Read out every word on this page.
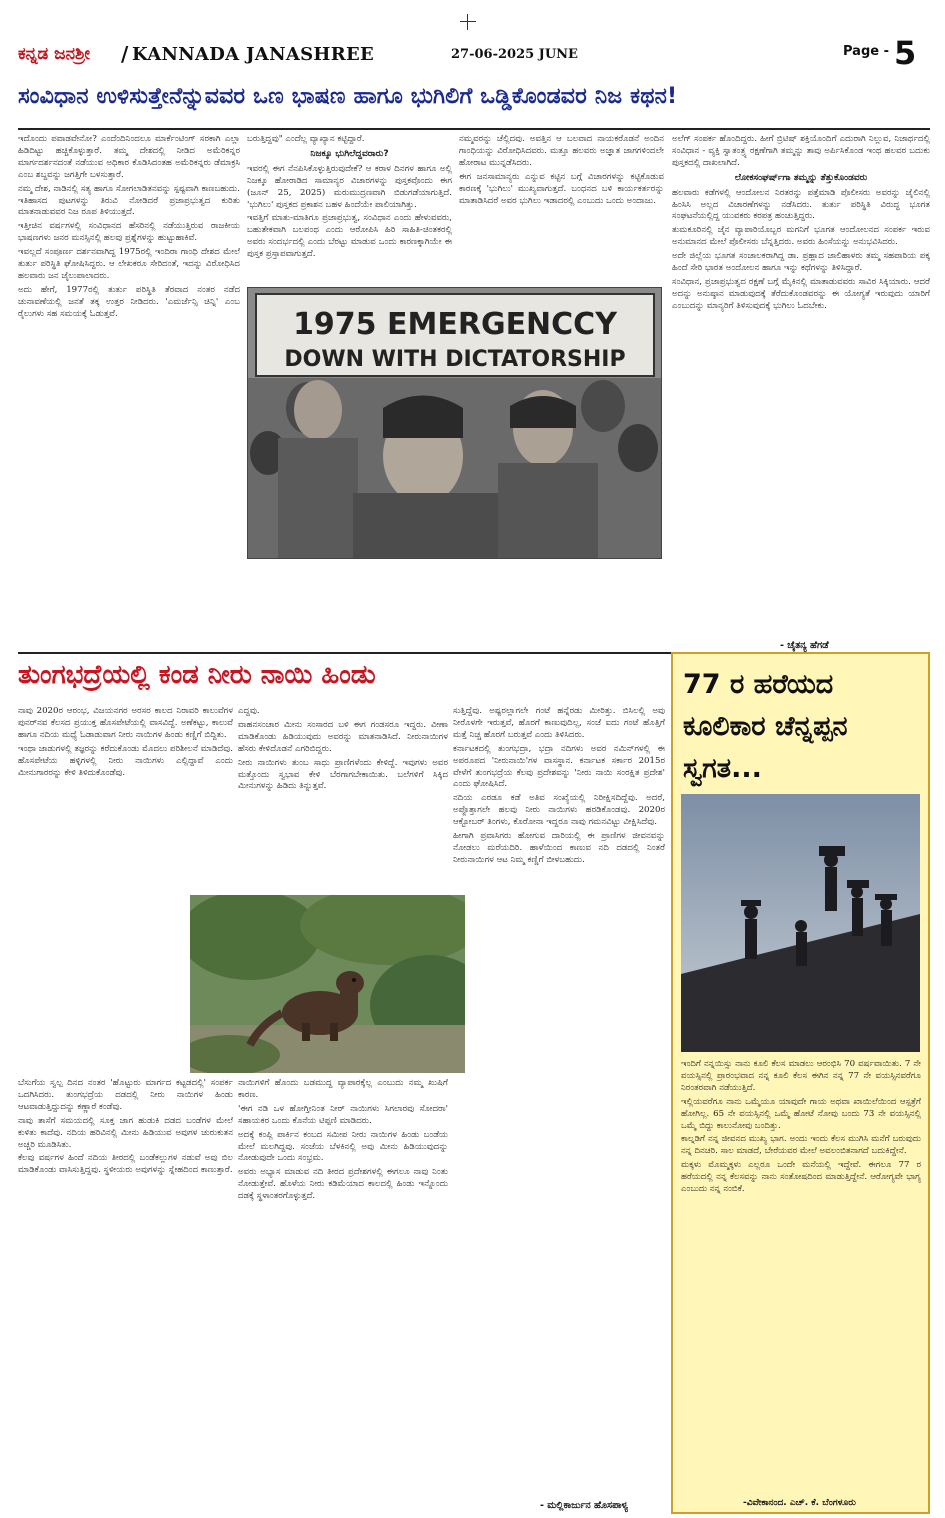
ಕನ್ನಡ ಜನಶ್ರೀ / KANNADA JANASHREE	27-06-2025 JUNE	Page - 5
ಸಂವಿಧಾನ ಉಳಿಸುತ್ತೇನೆನ್ನುವವರ ಒಣ ಭಾಷಣ ಹಾಗೂ ಭುಗಿಲಿಗೆ ಒಡ್ಡಿಕೊಂಡವರ ನಿಜ ಕಥನ!

ಇದೊಂದು ಪವಾಡವೇನೋ? ಎಂದೆಂದಿನಿಂದಲೂ ಮಾರ್ಕೆಂಟಿಂಗ್ ಸರಕಾಗಿ ಎಲ್ಲಾ ಹಿಡಿದಿಟ್ಟು ಹಚ್ಚಿಕೊಳ್ಳುತ್ತಾರೆ. ತಮ್ಮ ದೇಶದಲ್ಲಿ ನೀಡಿದ ಅಮೆರಿಕನ್ನರ ಮಾರ್ಗದರ್ಶನದಂತೆ ನಡೆಯುವ ಅಧಿಕಾರ ಕೊಡಿಸಿದಂತಹ ಅಮೆರಿಕನ್ನರು ಡೆಮಾಕ್ರಸಿ ಎಂಬ ಶಬ್ದವನ್ನು ಜಗತ್ತಿಗೇ ಬಳಸುತ್ತಾರೆ.

ನಮ್ಮ ದೇಶ, ನಾಡಿನಲ್ಲಿ ಸತ್ಯ ಹಾಗೂ ಸೋಗಲಾಡಿತನವನ್ನು ಸ್ಪಷ್ಟವಾಗಿ ಕಾಣಬಹುದು. ಇತಿಹಾಸದ ಪುಟಗಳನ್ನು ತಿರುವಿ ನೋಡಿದರೆ ಪ್ರಜಾಪ್ರಭುತ್ವದ ಕುರಿತು ಮಾತನಾಡುವವರ ನಿಜ ರೂಪ ತಿಳಿಯುತ್ತದೆ.

ಇತ್ತೀಚಿನ ವರ್ಷಗಳಲ್ಲಿ ಸಂವಿಧಾನದ ಹೆಸರಿನಲ್ಲಿ ನಡೆಯುತ್ತಿರುವ ರಾಜಕೀಯ ಭಾಷಣಗಳು ಜನರ ಮನಸ್ಸಿನಲ್ಲಿ ಹಲವು ಪ್ರಶ್ನೆಗಳನ್ನು ಹುಟ್ಟುಹಾಕಿವೆ.

ಇವಲ್ಲದೆ ಸಂಪೂರ್ಣ ದರ್ಶನವಾಗಿದ್ದ 1975ರಲ್ಲಿ ಇಂದಿರಾ ಗಾಂಧಿ ದೇಶದ ಮೇಲೆ ತುರ್ತು ಪರಿಸ್ಥಿತಿ ಘೋಷಿಸಿದ್ದರು. ಆ ಲೇಖಕರೂ ಸೇರಿದಂತೆ, ಇದನ್ನು ವಿರೋಧಿಸಿದ ಹಲವಾರು ಜನ ಜೈಲುಪಾಲಾದರು.

ಅದು ಹೇಗೆ, 1977ರಲ್ಲಿ ತುರ್ತು ಪರಿಸ್ಥಿತಿ ತೆರವಾದ ನಂತರ ನಡೆದ ಚುನಾವಣೆಯಲ್ಲಿ ಜನತೆ ತಕ್ಕ ಉತ್ತರ ನೀಡಿದರು. 'ಎಮರ್ಜೆನ್ಸಿ ಚಿನ್ನಿ' ಎಂಬ ರೈಲುಗಳು ಸಹ ಸಮಯಕ್ಕೆ ಓಡುತ್ತವೆ.

ಬರುತ್ತಿದ್ದವು" ಎಂದೆಲ್ಲ ವ್ಯಾಖ್ಯಾನ ಕಟ್ಟಿದ್ದಾರೆ.

ನಿಜಕ್ಕೂ ಭುಗಿಲೆದ್ದವರಾರು?

ಇವರಲ್ಲಿ ಈಗ ನೆನಪಿಸಿಕೊಳ್ಳುತ್ತಿರುವುದೇಕೆ? ಆ ಕರಾಳ ದಿನಗಳ ಹಾಗೂ ಅಲ್ಲಿ ನಿಜಕ್ಕೂ ಹೋರಾಡಿದ ಸಾಮಾನ್ಯರ ವಿಚಾರಗಳನ್ನು ಪುಸ್ತಕವೊಂದು ಈಗ (ಜೂನ್ 25, 2025) ಮರುಮುದ್ರಣವಾಗಿ ಬಿಡುಗಡೆಯಾಗುತ್ತಿದೆ. 'ಭುಗಿಲು' ಪುಸ್ತಕದ ಪ್ರಕಾಶನ ಬಹಳ ಹಿಂದೆಯೇ ಪಾಲಿಯಾಗಿತ್ತು.

ಇವತ್ತಿಗೆ ಮಾತು-ಮಾತಿಗೂ ಪ್ರಜಾಪ್ರಭುತ್ವ, ಸಂವಿಧಾನ ಎಂದು ಹೇಳುವವರು, ಬಹುತೇಕವಾಗಿ ಬಲಪಂಥ ಎಂದು ಆರೋಪಿಸಿ ಹಿರಿ ಸಾಹಿತಿ-ಚಿಂತಕರಲ್ಲಿ ಅವರು ಸಂದರ್ಭದಲ್ಲಿ ಎಂದು ಬೆರಟ್ಟು ಮಾಡುವ ಒಂದು ಕಾರಣಕ್ಕಾಗಿಯೇ ಈ ಪುಸ್ತಕ ಪ್ರಸ್ತಾಪವಾಗುತ್ತದೆ.

ನಮ್ಮವರನ್ನು ಚೆಲ್ಲಿದವು. ಅವತ್ತಿನ ಆ ಬಲವಾದ ನಾಯಕರೊಡನೆ ಅಂದಿನ ಗಾಂಧಿಯನ್ನು ವಿರೋಧಿಸಿದವರು. ಮತ್ತೂ ಹಲವರು ಅಜ್ಞಾತ ಜಾಗಗಳಿಂದಲೇ ಹೋರಾಟ ಮುನ್ನಡೆಸಿದರು.

ಈಗ ಜನಸಾಮಾನ್ಯರು ಎನ್ನುವ ಕಟ್ಟಿನ ಬಗ್ಗೆ ವಿಚಾರಗಳನ್ನು ಕಟ್ಟಿಕೊಡುವ ಕಾರಣಕ್ಕೆ 'ಭುಗಿಲು' ಮುಖ್ಯವಾಗುತ್ತದೆ. ಬಂಧನದ ಬಳಿ ಕಾರ್ಯಕರ್ತರನ್ನು ಮಾತಾಡಿಸಿದರೆ ಅವರ ಭುಗಿಲು ಇಡಾದರಲ್ಲಿ ಎಂಬುದು ಒಂದು ಅಂದಾಜು.

ಅಲೆಗ್ ಸಂಪರ್ಕ ಹೊಂದಿದ್ದರು. ಹೀಗೆ ಬ್ರಿಟಿಷ್ ಶಕ್ತಿಯೊಂದಿಗೆ ಎದುರಾಗಿ ನಿಲ್ಲುವ, ನಿಜಾರ್ಥದಲ್ಲಿ ಸಂವಿಧಾನ - ವ್ಯಕ್ತಿ ಸ್ವಾತಂತ್ರ್ಯ ರಕ್ಷಣೆಗಾಗಿ ತಮ್ಮನ್ನು ತಾವು ಅರ್ಪಿಸಿಕೊಂಡ ಇಂಥ ಹಲವರ ಬದುಕು ಪುಸ್ತಕದಲ್ಲಿ ದಾಖಲಾಗಿದೆ.

ಲೋಕಸಂಘರ್ಷ್‌ಗಾ ತಮ್ಮನ್ನು ತೆತ್ತುಕೊಂಡವರು

ಹಲವಾರು ಕಡೆಗಳಲ್ಲಿ ಆಂದೋಲನ ನಿರತರನ್ನು ಪತ್ತೆಮಾಡಿ ಪೊಲೀಸರು ಅವರನ್ನು ಜೈಲಿನಲ್ಲಿ ಹಿಂಸಿಸಿ ಅಲ್ಲದ ವಿಚಾರಣೆಗಳನ್ನು ನಡೆಸಿದರು. ತುರ್ತು ಪರಿಸ್ಥಿತಿ ವಿರುದ್ಧ ಭೂಗತ ಸಂಘಟನೆಯಲ್ಲಿದ್ದ ಯುವಕರು ಕರಪತ್ರ ಹಂಚುತ್ತಿದ್ದರು.

ತುಮಕೂರಿನಲ್ಲಿ ಜೈನ ವ್ಯಾಪಾರಿಯೊಬ್ಬರ ಮಗನಿಗೆ ಭೂಗತ ಆಂದೋಲನದ ಸಂಪರ್ಕ ಇರುವ ಅನುಮಾನದ ಮೇಲೆ ಪೊಲೀಸರು ಬೆನ್ನತ್ತಿದರು. ಅವರು ಹಿಂಸೆಯನ್ನು ಅನುಭವಿಸಿದರು.

ಅದೇ ಜಿಲ್ಲೆಯ ಭೂಗತ ಸಂಚಾಲಕರಾಗಿದ್ದ ಡಾ. ಪ್ರಹ್ಲಾದ ಜಾಲಿಹಾಳರು ತಮ್ಮ ಸಹಪಾಠಿಯ ಪಕ್ಕ ಹಿಂದೆ ಸೇರಿ ಭಾರತ ಅಂದೋಲನ ಹಾಗೂ ಇನ್ನು ಕಥೆಗಳನ್ನು ತಿಳಿಸಿದ್ದಾರೆ.

ಸಂವಿಧಾನ, ಪ್ರಜಾಪ್ರಭುತ್ವದ ರಕ್ಷಣೆ ಬಗ್ಗೆ ಮೈಕಿನಲ್ಲಿ ಮಾತಾಡುವವರು ಸಾವಿರ ಸಿಕ್ಕಿಯಾರು. ಆದರೆ ಅದನ್ನು ಅನುಷ್ಠಾನ ಮಾಡುವುದಕ್ಕೆ ತೆರೆದುಕೊಂಡವರನ್ನು ಈ ಯೋಗ್ಯತೆ ಇರುವುದು ಯಾರಿಗೆ ಎಂಬುದನ್ನು ಮಾನ್ಯರಿಗೆ ತಿಳಿಸುವುದಕ್ಕೆ ಭುಗಿಲು ಓದಬೇಕು.

1975 EMERGENCCY
DOWN WITH DICTATORSHIP
- ಚೈತನ್ಯ ಹೆಗಡೆ
ತುಂಗಭದ್ರೆಯಲ್ಲಿ ಕಂಡ ನೀರು ನಾಯಿ ಹಿಂಡು

ನಾವು 2020ರ ಆರಂಭ, ವಿಜಯನಗರ ಅರಸರ ಕಾಲದ ನಿರಾವರಿ ಕಾಲುವೆಗಳ ಪುನರ್‌ನವ ಕೆಲಸದ ಪ್ರಯುಕ್ತ ಹೊಸಪೇಟೆಯಲ್ಲಿ ವಾಸವಿದ್ದೆ. ಅಣೆಕಟ್ಟು, ಕಾಲುವೆ ಹಾಗೂ ನದಿಯ ಮಧ್ಯೆ ಓಡಾಡುವಾಗ ನೀರು ನಾಯಿಗಳ ಹಿಂಡು ಕಣ್ಣಿಗೆ ಬಿದ್ದಿತು.

ಇಂಥಾ ಜಾಡುಗಳಲ್ಲಿ ತಜ್ಞರನ್ನು ಕರೆದುಕೊಂಡು ಮೊದಲು ಪರಿಶೀಲನೆ ಮಾಡಿದೆವು. ಹೊಸಪೇಟೆಯ ಹಳ್ಳಿಗಳಲ್ಲಿ ನೀರು ನಾಯಿಗಳು ಎಲ್ಲಿದ್ದಾವೆ ಎಂದು ಮೀನುಗಾರರನ್ನು ಕೇಳಿ ತಿಳಿದುಕೊಂಡೆವು.

ಎದ್ದವು.

ವಾಹನಸಂಚಾರ ಮೀನು ಸಂಸಾರದ ಬಳಿ ಈಗ ಗಂಡಸರೂ ಇದ್ದರು. ವೀಣಾ ಮಾಡಿಕೊಂಡು ಹಿಡಿಯುವುದು ಅವರನ್ನು ಮಾತನಾಡಿಸಿದೆ. ನೀರುನಾಯಿಗಳ ಹೆಸರು ಕೇಳಿದೊಡನೆ ಎಗರಿಬಿದ್ದರು.

ನೀರು ನಾಯಿಗಳು ತುಂಬ ಸಾಧು ಪ್ರಾಣಿಗಳೆಂದು ಕೇಳಿದ್ದೆ. ಇವುಗಳು ಅವರ ಮತ್ತೊಂದು ಸ್ವಭಾವ ಕೇಳಿ ಬೆರಗಾಗಬೇಕಾಯಿತು. ಬಲೆಗಳಿಗೆ ಸಿಕ್ಕಿದ ಮೀನುಗಳನ್ನು ಹಿಡಿದು ತಿನ್ನುತ್ತವೆ.

ಸುತ್ತಿದ್ದೆವು. ಅಷ್ಟರಲ್ಲಾಗಲೇ ಗಂಟೆ ಹನ್ನೆರಡು ಮೀರಿತ್ತು. ಬಿಸಿಲಲ್ಲಿ ಅವು ನೀರೊಳಗೇ ಇರುತ್ತವೆ, ಹೊರಗೆ ಕಾಣುವುದಿಲ್ಲ, ಸಂಜೆ ಐದು ಗಂಟೆ ಹೊತ್ತಿಗೆ ಮತ್ತೆ ನಿಚ್ಚ ಹೊರಗೆ ಬರುತ್ತವೆ ಎಂದು ತಿಳಿಸಿದರು.

ಕರ್ನಾಟಕದಲ್ಲಿ ತುಂಗಭದ್ರಾ, ಭದ್ರಾ ನದಿಗಳು ಅವರ ನಮಿನ್‌ಗಳಲ್ಲಿ ಈ ಅಪರೂಪದ 'ನೀರುನಾಯಿ'ಗಳ ವಾಸಸ್ಥಾನ. ಕರ್ನಾಟಕ ಸರ್ಕಾರ 2015ರ ವೇಳೆಗೆ ತುಂಗಭದ್ರೆಯ ಕೆಲವು ಪ್ರದೇಶವನ್ನು 'ನೀರು ನಾಯಿ ಸಂರಕ್ಷಿತ ಪ್ರದೇಶ' ಎಂದು ಘೋಷಿಸಿದೆ.

ನದಿಯ ಎರಡೂ ಕಡೆ ಅತಿವ ಸಂಖ್ಯೆಯಲ್ಲಿ ನಿರೀಕ್ಷಿಸದಿದ್ದೆವು. ಅದರೆ, ಅಪ್ಪೊತ್ತಾಗಲೇ ಹಲವು ನೀರು ನಾಯಿಗಳು ಹರಡಿಕೊಂಡವು. 2020ರ ಆಕ್ಟೋಬರ್ ತಿಂಗಳು, ಕೊರೋನಾ ಇದ್ದರೂ ನಾವು ಗಮನವಿಟ್ಟು ವೀಕ್ಷಿಸಿದೆವು.

ಹೀಗಾಗಿ ಪ್ರವಾಸಿಗರು ಹೋಗುವ ದಾರಿಯಲ್ಲಿ ಈ ಪ್ರಾಣಿಗಳ ಜೀವನವನ್ನು ನೋಡಲು ಮರೆಯದಿರಿ. ಹಾಳೆಯಿಂದ ಕಾಣುವ ನದಿ ದಡದಲ್ಲಿ ನಿಂತರೆ ನೀರುನಾಯಿಗಳ ಆಟ ನಿಮ್ಮ ಕಣ್ಣಿಗೆ ಬೀಳಬಹುದು.

ಬೆಸುಗೆಯ ಸ್ವಲ್ಪ ದಿನದ ನಂತರ 'ಹೊಟ್ಟುರು ಮಾರ್ಗದ ಕಟ್ಟಡದಲ್ಲಿ' ಸಂಪರ್ಕ ಒದಗಿಸಿದರು. ತುಂಗಭದ್ರೆಯ ದಡದಲ್ಲಿ ನೀರು ನಾಯಿಗಳ ಹಿಂಡು ಆಟವಾಡುತ್ತಿದ್ದುದನ್ನು ಕಣ್ಣಾರೆ ಕಂಡೆವು.

ನಾವು ತಾಸೆಗೆ ಸಮಯದಲ್ಲಿ ಸೂಕ್ತ ಜಾಗ ಹುಡುಕಿ ದಡದ ಬಂಡೆಗಳ ಮೇಲೆ ಕುಳಿತು ಕಾದೆವು. ನದಿಯ ಹರಿವಿನಲ್ಲಿ ಮೀನು ಹಿಡಿಯುವ ಅವುಗಳ ಚುರುಕುತನ ಅಚ್ಚರಿ ಮೂಡಿಸಿತು.

ಕೆಲವು ವರ್ಷಗಳ ಹಿಂದೆ ನದಿಯ ತೀರದಲ್ಲಿ ಬಂಡೆಕಲ್ಲುಗಳ ನಡುವೆ ಅವು ಬಿಲ ಮಾಡಿಕೊಂಡು ವಾಸಿಸುತ್ತಿದ್ದವು. ಸ್ಥಳೀಯರು ಅವುಗಳನ್ನು ಸ್ನೇಹದಿಂದ ಕಾಣುತ್ತಾರೆ.

ನಾಯಿಗಳಿಗೆ ಹೊಂದು ಬಡಮುದ್ದ ವ್ಯಾಪಾರಕ್ಕೆಲ್ಲ ಎಂಬುದು ನಮ್ಮ ಖುಷಿಗೆ ಕಾರಣ.

'ಈಗ ನಡಿ ಒಳ ಹೋಗ್ತೀನಿಂತ ನೀರ್ ನಾಯಿಗಳು ಸಿಗಲಾರವು ಸೋದರಾ' ಸಹಾಯಕರ ಒಂದು ಕೊನೆಯ ಟಿಪ್ಪಣಿ ಮಾಡಿದರು.

ಅದಕ್ಕೆ ಕಂಪ್ಲಿ ಪಾರ್ಕಿನ ಕಂಬದ ಸಮೀಪ ನೀರು ನಾಯಿಗಳ ಹಿಂಡು ಬಂಡೆಯ ಮೇಲೆ ಮಲಗಿದ್ದವು. ಸಂಜೆಯ ಬೆಳಕಿನಲ್ಲಿ ಅವು ಮೀನು ಹಿಡಿಯುವುದನ್ನು ನೋಡುವುದೇ ಒಂದು ಸಂಭ್ರಮ.

ಅವರು ಅಭ್ಯಾಸ ಮಾಡುವ ನದಿ ತೀರದ ಪ್ರದೇಶಗಳಲ್ಲಿ ಈಗಲೂ ನಾವು ನಿಂತು ನೋಡುತ್ತೇವೆ. ಹೊಳೆಯ ನೀರು ಕಡಿಮೆಯಾದ ಕಾಲದಲ್ಲಿ ಹಿಂಡು ಇನ್ನೊಂದು ದಡಕ್ಕೆ ಸ್ಥಳಾಂತರಗೊಳ್ಳುತ್ತದೆ.

- ಮಲ್ಲಿಕಾರ್ಜುನ ಹೊಸಪಾಳ್ಯ
77 ರ ಹರೆಯದ ಕೂಲಿಕಾರ ಚೆನ್ನಪ್ಪನ ಸ್ವಗತ...

ಇಂದಿಗೆ ನನ್ನಯಿಸ್ಸು ನಾನು ಕೂಲಿ ಕೆಲಸ ಮಾಡಲು ಆರಂಭಿಸಿ 70 ವರ್ಷವಾಯಿತು. 7 ನೇ ವಯಸ್ಸಿನಲ್ಲಿ ಪ್ರಾರಂಭವಾದ ನನ್ನ ಕೂಲಿ ಕೆಲಸ ಈಗಿನ ನನ್ನ 77 ನೇ ವಯಸ್ಸಿನವರೆಗೂ ನಿರಂತರವಾಗಿ ನಡೆಯುತ್ತಿದೆ.

ಇಲ್ಲಿಯವರೆಗೂ ನಾನು ಒಮ್ಮೆಯೂ ಯಾವುದೇ ಗಾಯ ಅಥವಾ ಖಾಯಿಲೆಯಿಂದ ಆಸ್ಪತ್ರೆಗೆ ಹೋಗಿಲ್ಲ. 65 ನೇ ವಯಸ್ಸಿನಲ್ಲಿ ಒಮ್ಮೆ ಹೋಟೆ ನೋವು ಬಂದು 73 ನೇ ವಯಸ್ಸಿನಲ್ಲಿ ಒಮ್ಮೆ ಬಿದ್ದು ಕಾಲುನೋವು ಬಂದಿತ್ತು.

ಕಾಲ್ನಡಿಗೆ ನನ್ನ ಜೀವನದ ಮುಖ್ಯ ಭಾಗ. ಅಂದು ಇಂದು ಕೆಲಸ ಮುಗಿಸಿ ಮನೆಗೆ ಬರುವುದು ನನ್ನ ದಿನಚರಿ. ಸಾಲ ಮಾಡದೆ, ಬೇರೆಯವರ ಮೇಲೆ ಅವಲಂಬಿತನಾಗದೆ ಬದುಕಿದ್ದೇನೆ.

ಮಕ್ಕಳು ಮೊಮ್ಮಕ್ಕಳು ಎಲ್ಲರೂ ಒಂದೇ ಮನೆಯಲ್ಲಿ ಇದ್ದೇವೆ. ಈಗಲೂ 77 ರ ಹರೆಯದಲ್ಲಿ ನನ್ನ ಕೆಲಸವನ್ನು ನಾನು ಸಂತೋಷದಿಂದ ಮಾಡುತ್ತಿದ್ದೇನೆ. ಆರೋಗ್ಯವೇ ಭಾಗ್ಯ ಎಂಬುದು ನನ್ನ ನಂಬಿಕೆ.

-ವಿವೇಕಾನಂದ. ಎಚ್. ಕೆ. ಬೆಂಗಳೂರು
